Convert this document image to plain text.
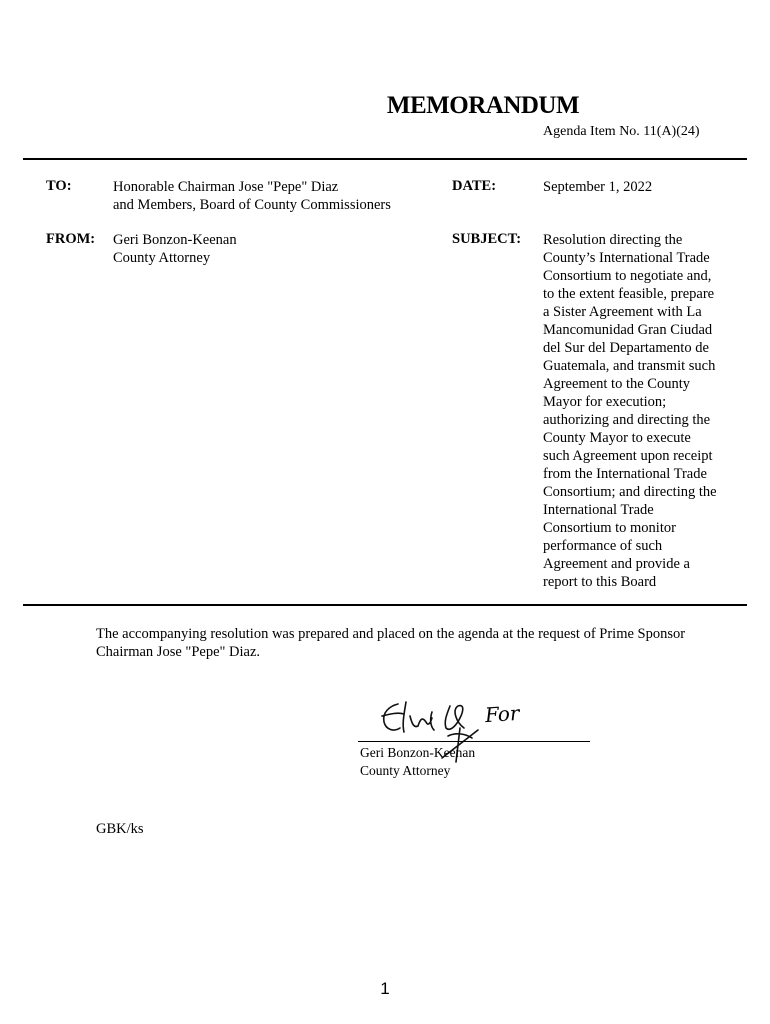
MEMORANDUM
Agenda Item No. 11(A)(24)
TO:	Honorable Chairman Jose "Pepe" Diaz
and Members, Board of County Commissioners
DATE:	September 1, 2022
FROM: Geri Bonzon-Keenan
County Attorney
SUBJECT: Resolution directing the
County’s International Trade
Consortium to negotiate and,
to the extent feasible, prepare
a Sister Agreement with La
Mancomunidad Gran Ciudad
del Sur del Departamento de
Guatemala, and transmit such
Agreement to the County
Mayor for execution;
authorizing and directing the
County Mayor to execute
such Agreement upon receipt
from the International Trade
Consortium; and directing the
International Trade
Consortium to monitor
performance of such
Agreement and provide a
report to this Board
The accompanying resolution was prepared and placed on the agenda at the request of Prime Sponsor Chairman Jose "Pepe" Diaz.
For
Geri Bonzon-Keenan
County Attorney
GBK/ks
1
